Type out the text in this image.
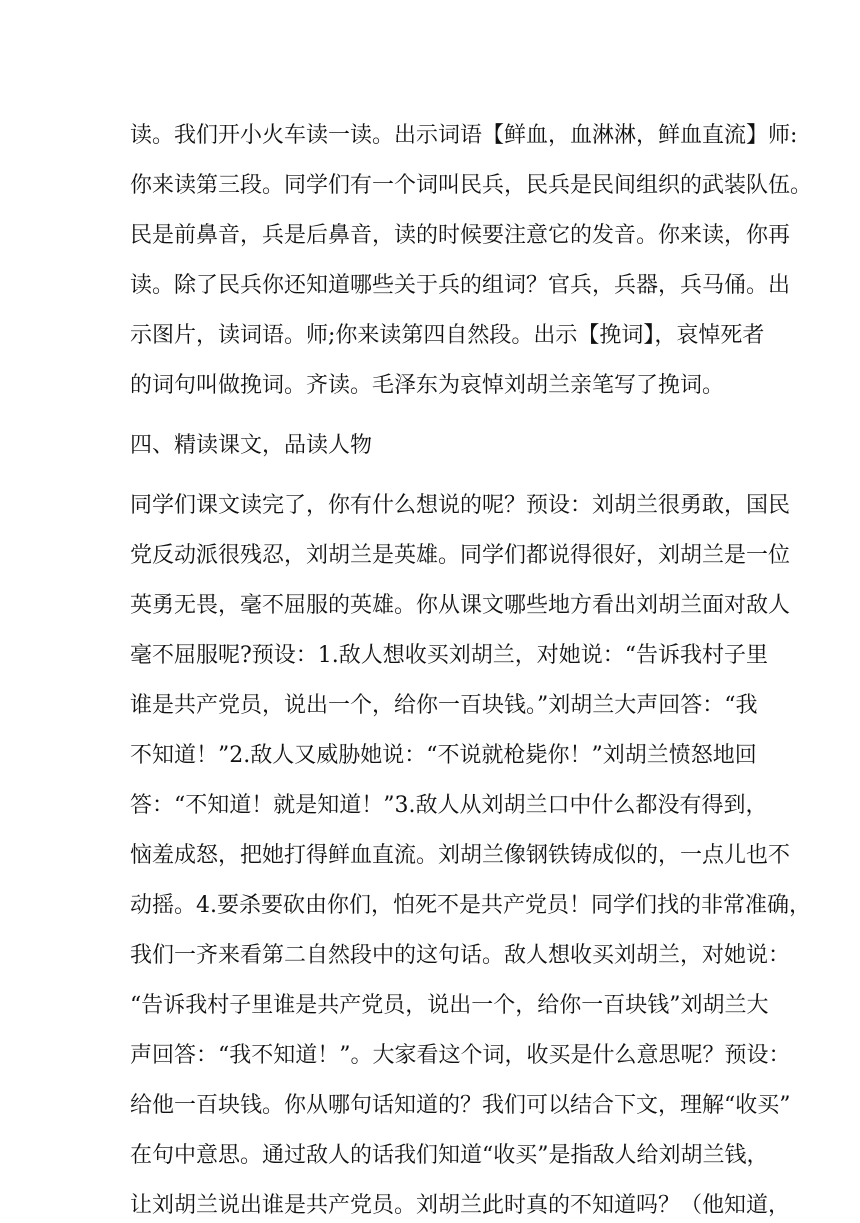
读。我们开小火车读一读。出示词语【鲜血，血淋淋，鲜血直流】师:
你来读第三段。同学们有一个词叫民兵，民兵是民间组织的武装队伍。
民是前鼻音，兵是后鼻音，读的时候要注意它的发音。你来读，你再
读。除了民兵你还知道哪些关于兵的组词？官兵，兵器，兵马俑。出
示图片，读词语。师;你来读第四自然段。出示【挽词】，哀悼死者
的词句叫做挽词。齐读。毛泽东为哀悼刘胡兰亲笔写了挽词。
四、精读课文，品读人物
同学们课文读完了，你有什么想说的呢？预设：刘胡兰很勇敢，国民
党反动派很残忍，刘胡兰是英雄。同学们都说得很好，刘胡兰是一位
英勇无畏，毫不屈服的英雄。你从课文哪些地方看出刘胡兰面对敌人
毫不屈服呢?预设：1.敌人想收买刘胡兰，对她说：“告诉我村子里
谁是共产党员，说出一个，给你一百块钱。”刘胡兰大声回答：“我
不知道！”2.敌人又威胁她说：“不说就枪毙你！”刘胡兰愤怒地回
答：“不知道！就是知道！”3.敌人从刘胡兰口中什么都没有得到，
恼羞成怒，把她打得鲜血直流。刘胡兰像钢铁铸成似的，一点儿也不
动摇。4.要杀要砍由你们，怕死不是共产党员！同学们找的非常准确，
我们一齐来看第二自然段中的这句话。敌人想收买刘胡兰，对她说：
“告诉我村子里谁是共产党员，说出一个，给你一百块钱”刘胡兰大
声回答：“我不知道！”。大家看这个词，收买是什么意思呢？预设：
给他一百块钱。你从哪句话知道的？我们可以结合下文，理解“收买”
在句中意思。通过敌人的话我们知道“收买”是指敌人给刘胡兰钱，
让刘胡兰说出谁是共产党员。刘胡兰此时真的不知道吗？（他知道，
